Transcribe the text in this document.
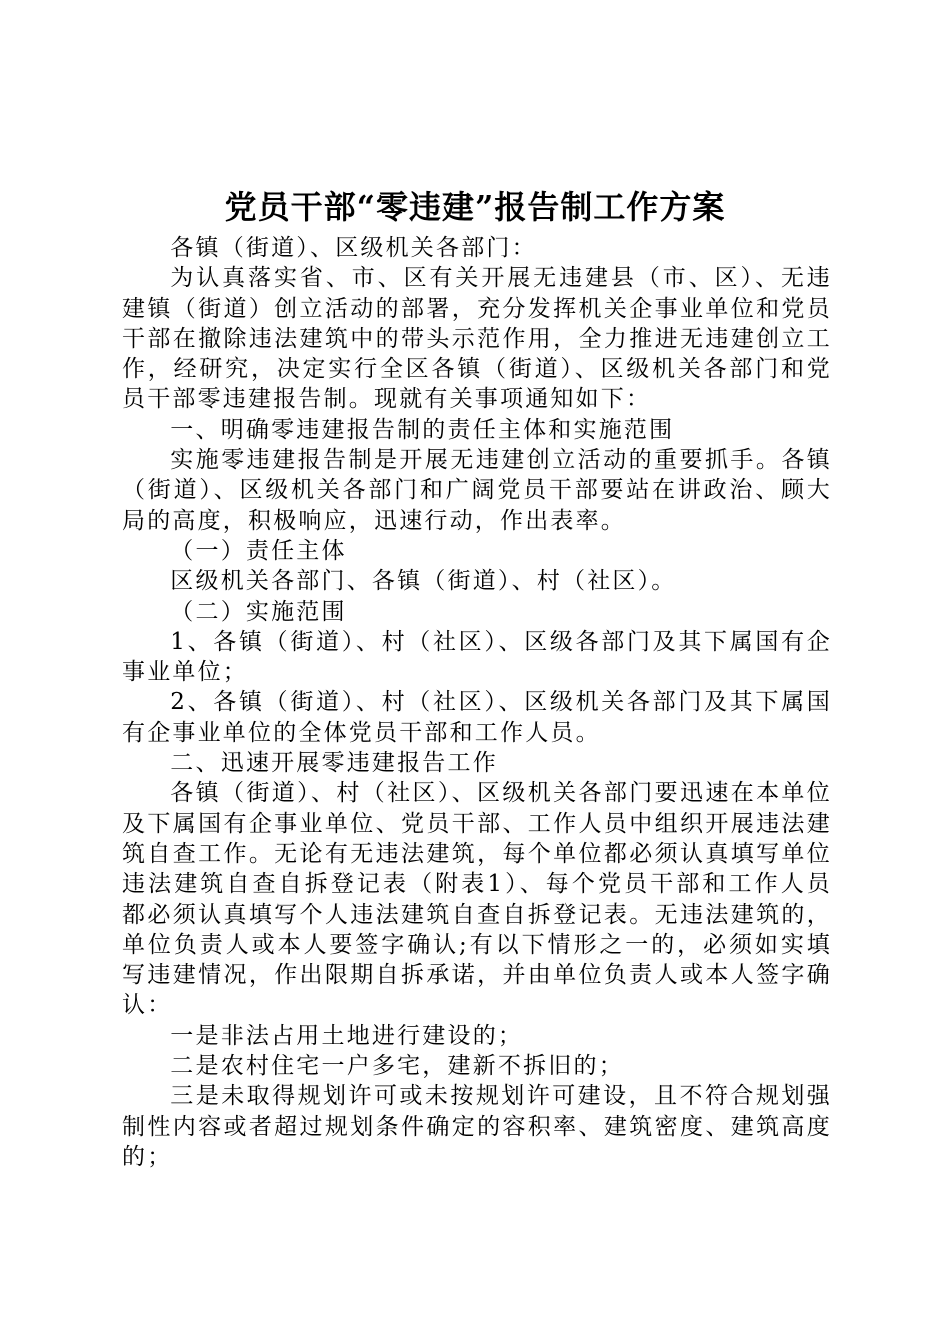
党员干部“零违建”报告制工作方案

各镇（街道）、区级机关各部门：

为认真落实省、市、区有关开展无违建县（市、区）、无违建镇（街道）创立活动的部署，充分发挥机关企事业单位和党员干部在撤除违法建筑中的带头示范作用，全力推进无违建创立工作，经研究，决定实行全区各镇（街道）、区级机关各部门和党员干部零违建报告制。现就有关事项通知如下：

一、明确零违建报告制的责任主体和实施范围

实施零违建报告制是开展无违建创立活动的重要抓手。各镇（街道）、区级机关各部门和广阔党员干部要站在讲政治、顾大局的高度，积极响应，迅速行动，作出表率。

（一）责任主体

区级机关各部门、各镇（街道）、村（社区）。

（二）实施范围

1、各镇（街道）、村（社区）、区级各部门及其下属国有企事业单位；

2、各镇（街道）、村（社区）、区级机关各部门及其下属国有企事业单位的全体党员干部和工作人员。

二、迅速开展零违建报告工作

各镇（街道）、村（社区）、区级机关各部门要迅速在本单位及下属国有企事业单位、党员干部、工作人员中组织开展违法建筑自查工作。无论有无违法建筑，每个单位都必须认真填写单位违法建筑自查自拆登记表（附表1）、每个党员干部和工作人员都必须认真填写个人违法建筑自查自拆登记表。无违法建筑的，单位负责人或本人要签字确认;有以下情形之一的，必须如实填写违建情况，作出限期自拆承诺，并由单位负责人或本人签字确认：

一是非法占用土地进行建设的；

二是农村住宅一户多宅，建新不拆旧的；

三是未取得规划许可或未按规划许可建设，且不符合规划强制性内容或者超过规划条件确定的容积率、建筑密度、建筑高度的；
